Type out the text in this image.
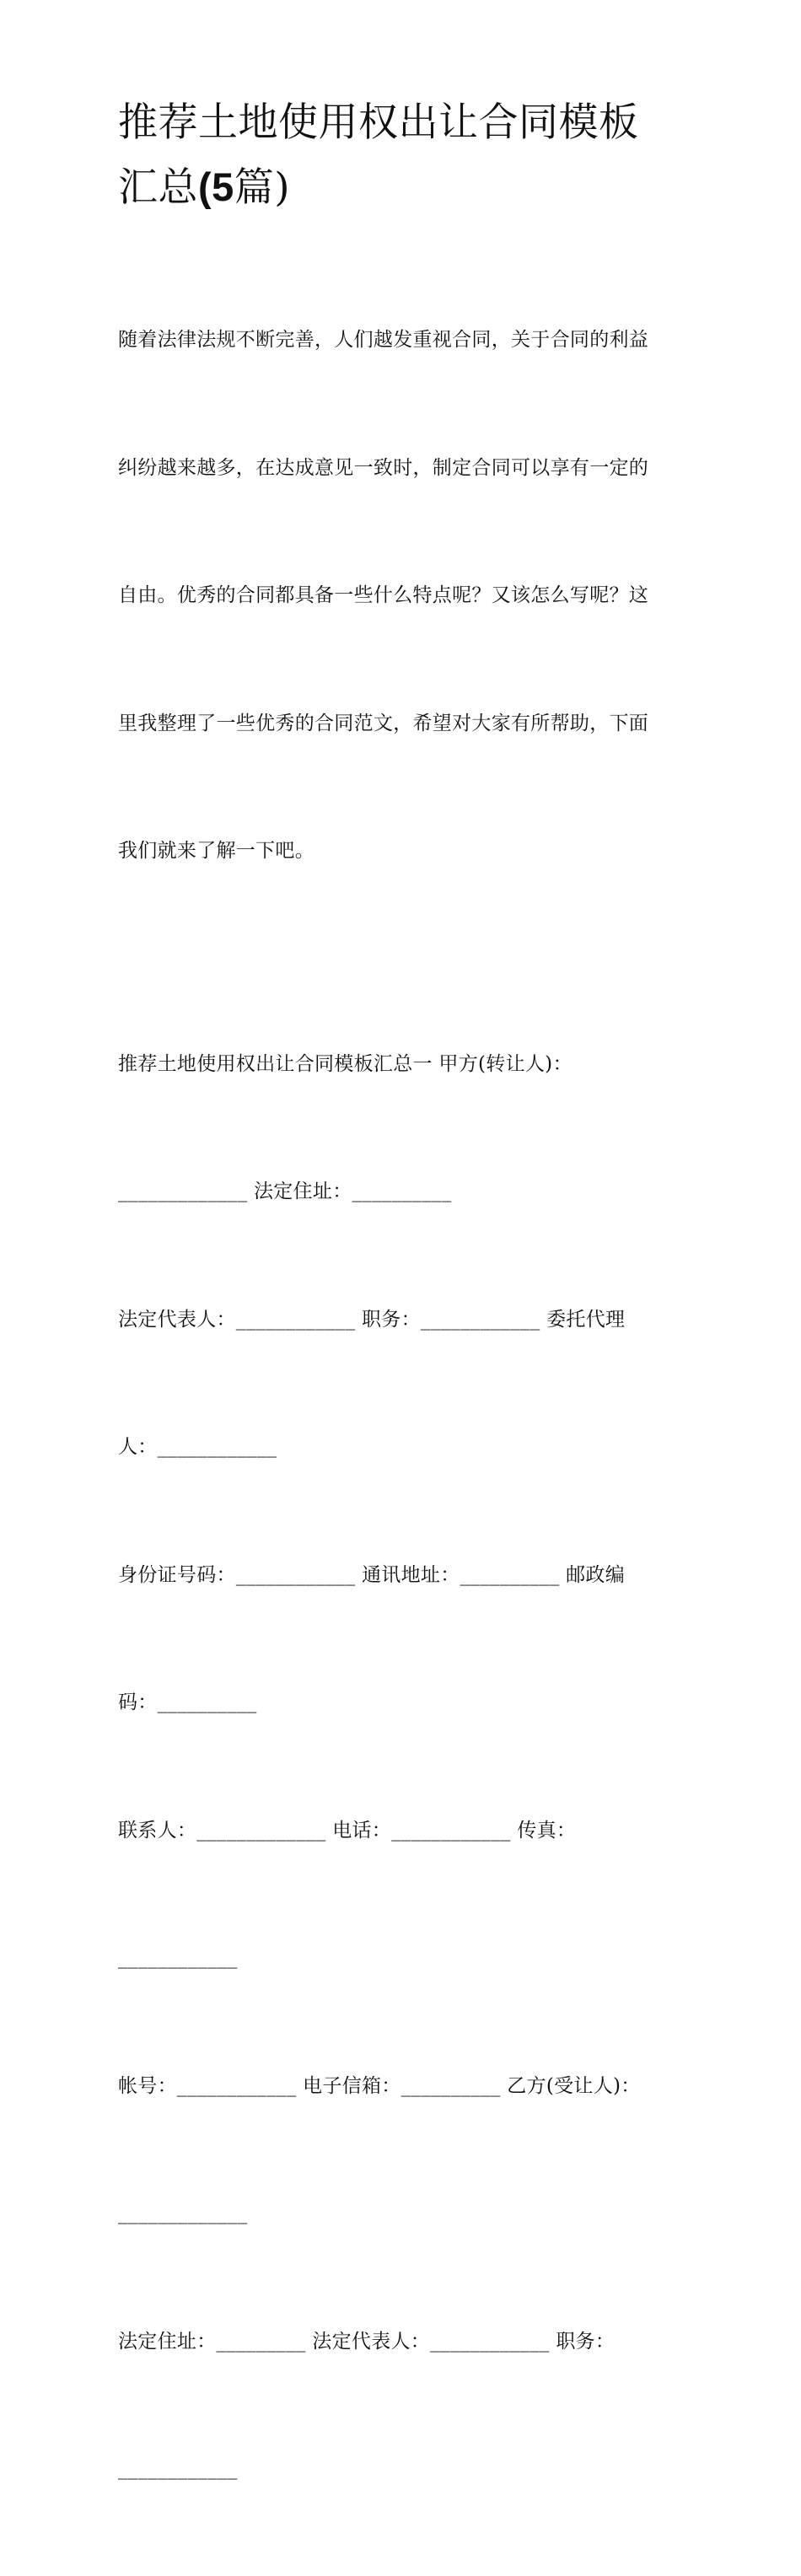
推荐土地使用权出让合同模板
汇总(5篇)

随着法律法规不断完善，人们越发重视合同，关于合同的利益

纠纷越来越多，在达成意见一致时，制定合同可以享有一定的

自由。优秀的合同都具备一些什么特点呢？又该怎么写呢？这

里我整理了一些优秀的合同范文，希望对大家有所帮助，下面

我们就来了解一下吧。

推荐土地使用权出让合同模板汇总一 甲方(转让人)：

_____________ 法定住址：__________

法定代表人：____________ 职务：____________ 委托代理

人：____________

身份证号码：____________ 通讯地址：__________ 邮政编

码：__________

联系人：_____________ 电话：____________ 传真：

____________

帐号：____________ 电子信箱：__________ 乙方(受让人)：

_____________

法定住址：_________ 法定代表人：____________ 职务：

____________
